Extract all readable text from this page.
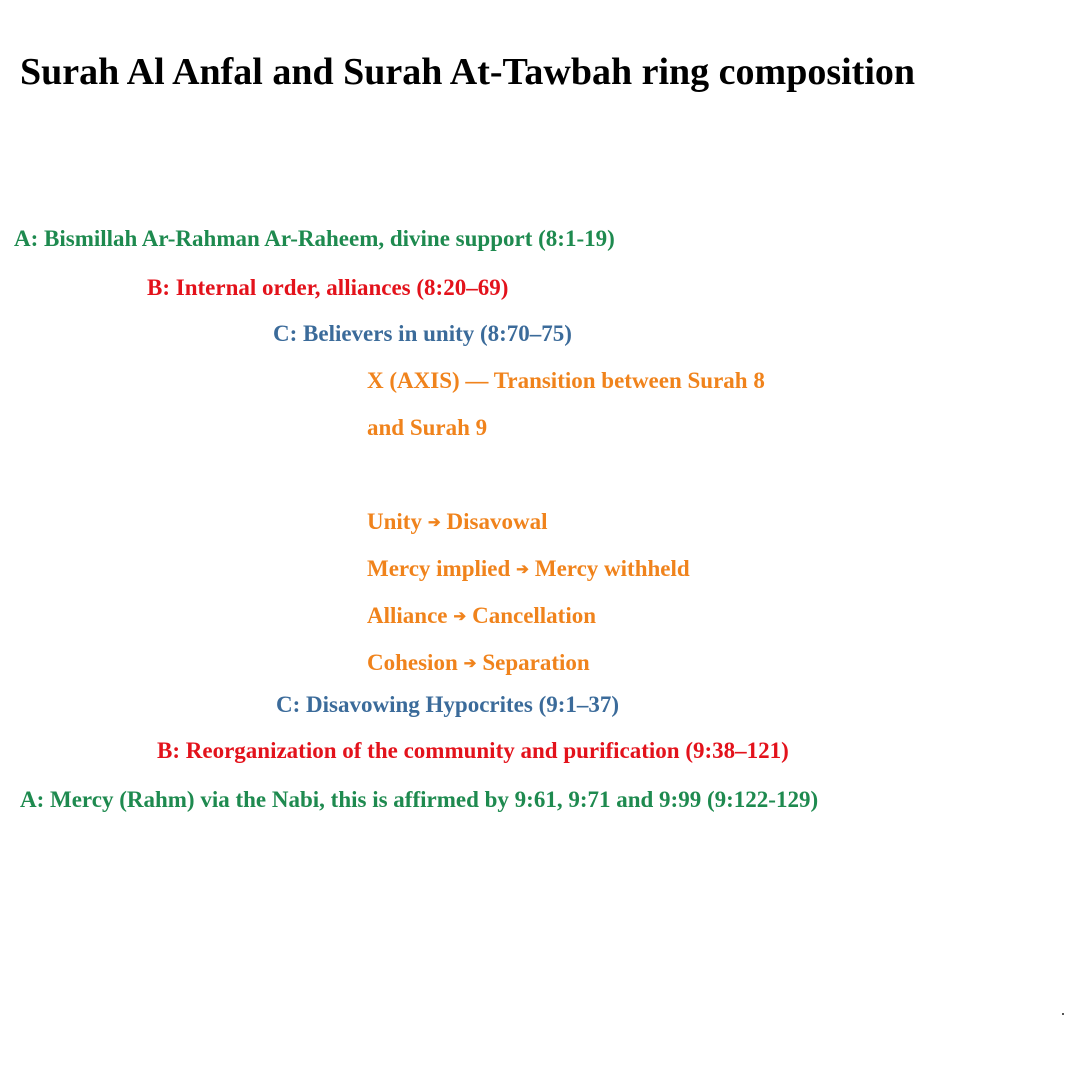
Surah Al Anfal and Surah At-Tawbah ring composition
A: Bismillah Ar-Rahman Ar-Raheem, divine support (8:1-19)
B: Internal order, alliances (8:20–69)
C: Believers in unity (8:70–75)
X (AXIS) — Transition between Surah 8
and Surah 9
Unity ➔ Disavowal
Mercy implied ➔ Mercy withheld
Alliance ➔ Cancellation
Cohesion ➔ Separation
C: Disavowing Hypocrites (9:1–37)
B: Reorganization of the community and purification (9:38–121)
A: Mercy (Rahm) via the Nabi, this is affirmed by 9:61, 9:71 and 9:99 (9:122-129)
